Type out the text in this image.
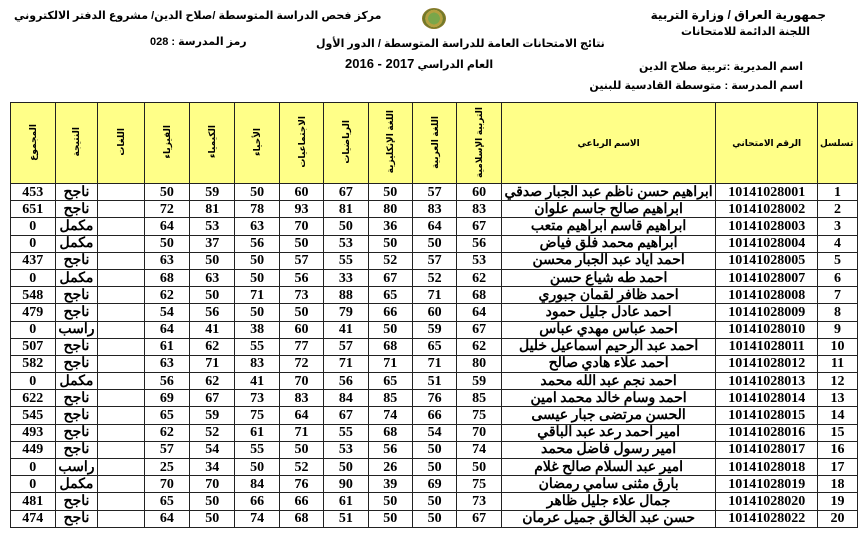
جمهورية العراق / وزارة التربية
اللجنة الدائمة للامتحانات
اسم المديرية :تربية صلاح الدين
اسم المدرسة : متوسطة القادسية للبنين
مركز فحص الدراسة المتوسطة /صلاح الدين/ مشروع الدفتر الالكتروني
رمز المدرسة : 028	نتائج الامتحانات العامة للدراسة المتوسطة / الدور الأول
العام الدراسي 2016 - 2017
المجموع	النتيجة	اللغات	الفيزياء	الكيمياء	الأحياء	الاجتماعيات	الرياضيات	اللغة الإنكليزية	اللغة العربية	التربية الإسلامية	الاسم الرباعي	الرقم الامتحاني	تسلسل
453	ناجح		50	59	50	60	67	50	57	60	ابراهيم حسن ناظم عبد الجبار صدقي	10141028001	1
651	ناجح		72	81	78	93	81	80	83	83	ابراهيم صالح جاسم علوان	10141028002	2
0	مكمل		64	53	63	70	50	36	64	67	ابراهيم قاسم ابراهيم متعب	10141028003	3
0	مكمل		50	37	56	50	53	50	50	56	ابراهيم محمد فلق فياض	10141028004	4
437	ناجح		63	50	50	57	55	52	57	53	احمد اياد عبد الجبار محسن	10141028005	5
0	مكمل		68	63	50	56	33	67	52	62	احمد طه شياع حسن	10141028007	6
548	ناجح		62	50	71	73	88	65	71	68	احمد ظافر لقمان جبوري	10141028008	7
479	ناجح		54	56	50	50	79	66	60	64	احمد عادل جليل حمود	10141028009	8
0	راسب		64	41	38	60	41	50	59	67	احمد عباس مهدي عباس	10141028010	9
507	ناجح		61	62	55	77	57	68	65	62	احمد عبد الرحيم اسماعيل خليل	10141028011	10
582	ناجح		63	71	83	72	71	71	71	80	احمد علاء هادي صالح	10141028012	11
0	مكمل		56	62	41	70	56	65	51	59	احمد نجم عبد الله محمد	10141028013	12
622	ناجح		69	67	73	83	84	85	76	85	احمد وسام خالد محمد امين	10141028014	13
545	ناجح		65	59	75	64	67	74	66	75	الحسن مرتضى جبار عيسى	10141028015	14
493	ناجح		62	52	61	71	55	68	54	70	امير احمد رعد عبد الباقي	10141028016	15
449	ناجح		57	54	55	50	53	56	50	74	امير رسول فاضل محمد	10141028017	16
0	راسب		25	34	50	52	50	26	50	50	امير عبد السلام صالح غلام	10141028018	17
0	مكمل		70	70	84	76	90	39	69	75	بارق مثنى سامي رمضان	10141028019	18
481	ناجح		65	50	66	66	61	50	50	73	جمال علاء جليل ظاهر	10141028020	19
474	ناجح		64	50	74	68	51	50	50	67	حسن عبد الخالق جميل عرمان	10141028022	20
